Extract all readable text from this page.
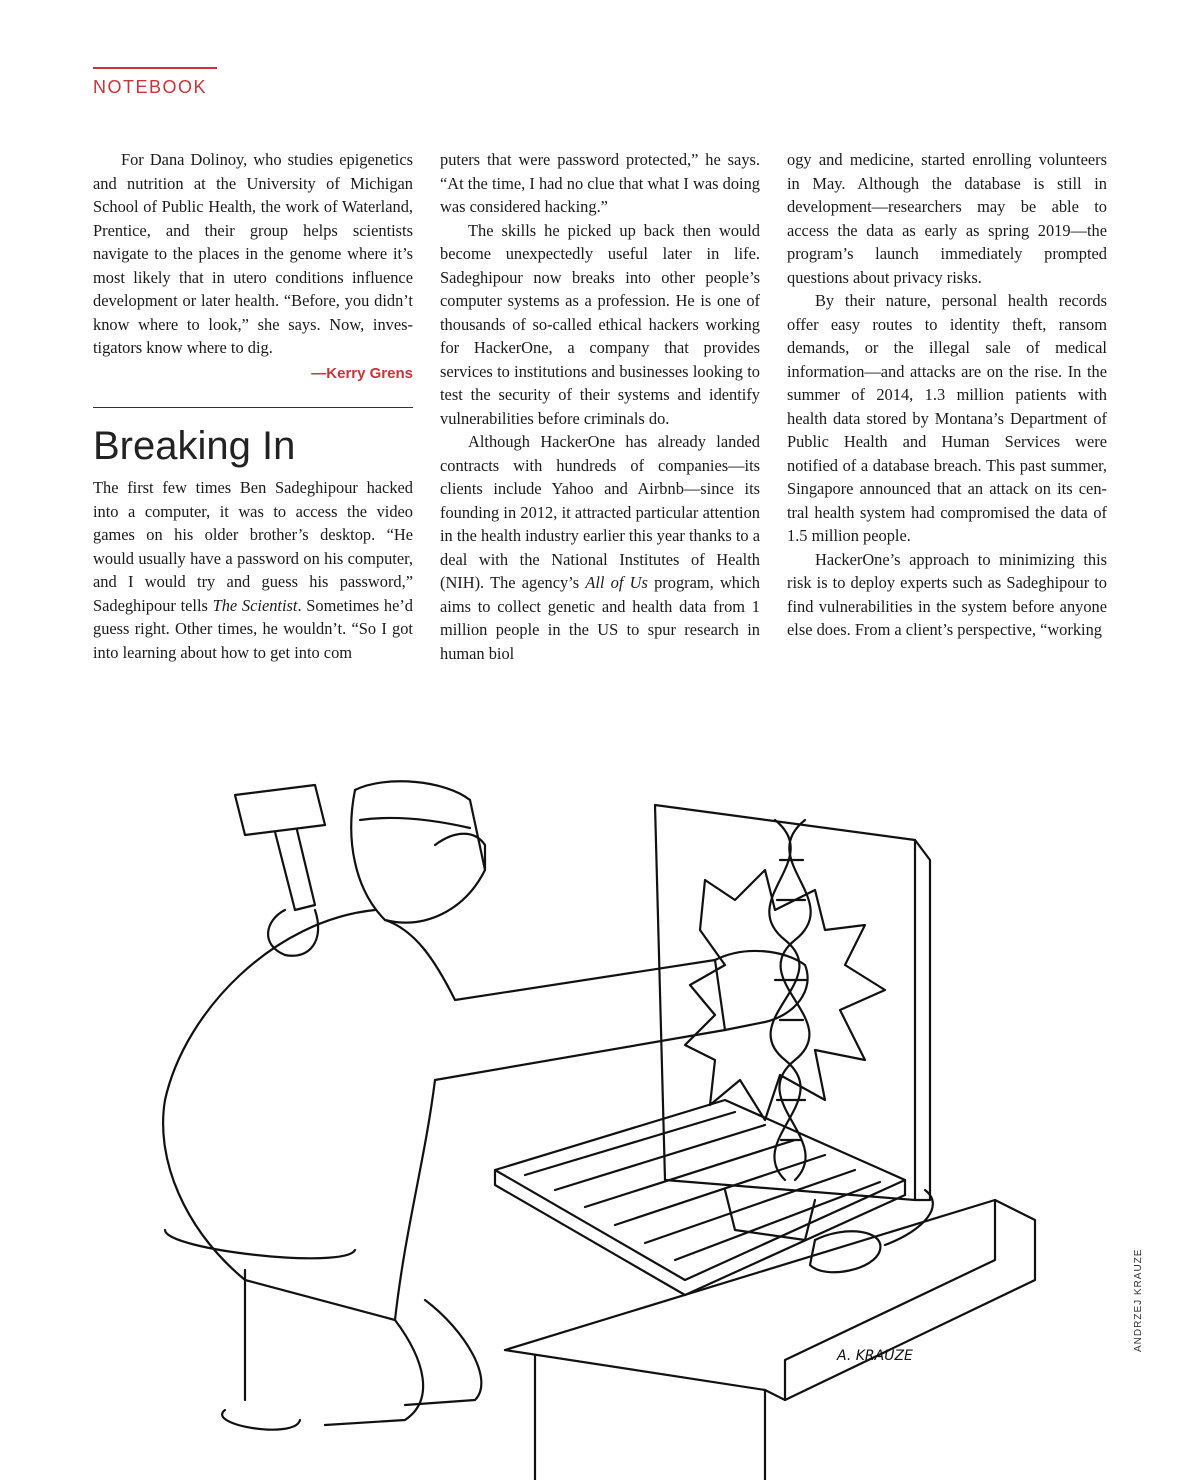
NOTEBOOK

For Dana Dolinoy, who studies epigenetics and nutrition at the University of Michigan School of Public Health, the work of Waterland, Prentice, and their group helps scientists navigate to the places in the genome where it’s most likely that in utero conditions influence development or later health. “Before, you didn’t know where to look,” she says. Now, investigators know where to dig.

—Kerry Grens
Breaking In

The first few times Ben Sadeghipour hacked into a computer, it was to access the video games on his older brother’s desktop. “He would usually have a password on his computer, and I would try and guess his password,” Sadeghipour tells The Scientist. Sometimes he’d guess right. Other times, he wouldn’t. “So I got into learning about how to get into com

puters that were password protected,” he says. “At the time, I had no clue that what I was doing was considered hacking.”

The skills he picked up back then would become unexpectedly useful later in life. Sadeghipour now breaks into other people’s computer systems as a profession. He is one of thousands of so-called ethical hackers working for HackerOne, a company that provides services to institutions and businesses looking to test the security of their systems and identify vulnerabilities before criminals do.

Although HackerOne has already landed contracts with hundreds of companies—its clients include Yahoo and Airbnb—since its founding in 2012, it attracted particular attention in the health industry earlier this year thanks to a deal with the National Institutes of Health (NIH). The agency’s All of Us program, which aims to collect genetic and health data from 1 million people in the US to spur research in human biol

A. KRAUZE
ANDRZEJ KRAUZE

ogy and medicine, started enrolling volunteers in May. Although the database is still in development—researchers may be able to access the data as early as spring 2019—the program’s launch immediately prompted questions about privacy risks.

By their nature, personal health records offer easy routes to identity theft, ransom demands, or the illegal sale of medical information—and attacks are on the rise. In the summer of 2014, 1.3 million patients with health data stored by Montana’s Department of Public Health and Human Services were notified of a database breach. This past summer, Singapore announced that an attack on its central health system had compromised the data of 1.5 million people.

HackerOne’s approach to minimizing this risk is to deploy experts such as Sadeghipour to find vulnerabilities in the system before anyone else does. From a client’s perspective, “working
